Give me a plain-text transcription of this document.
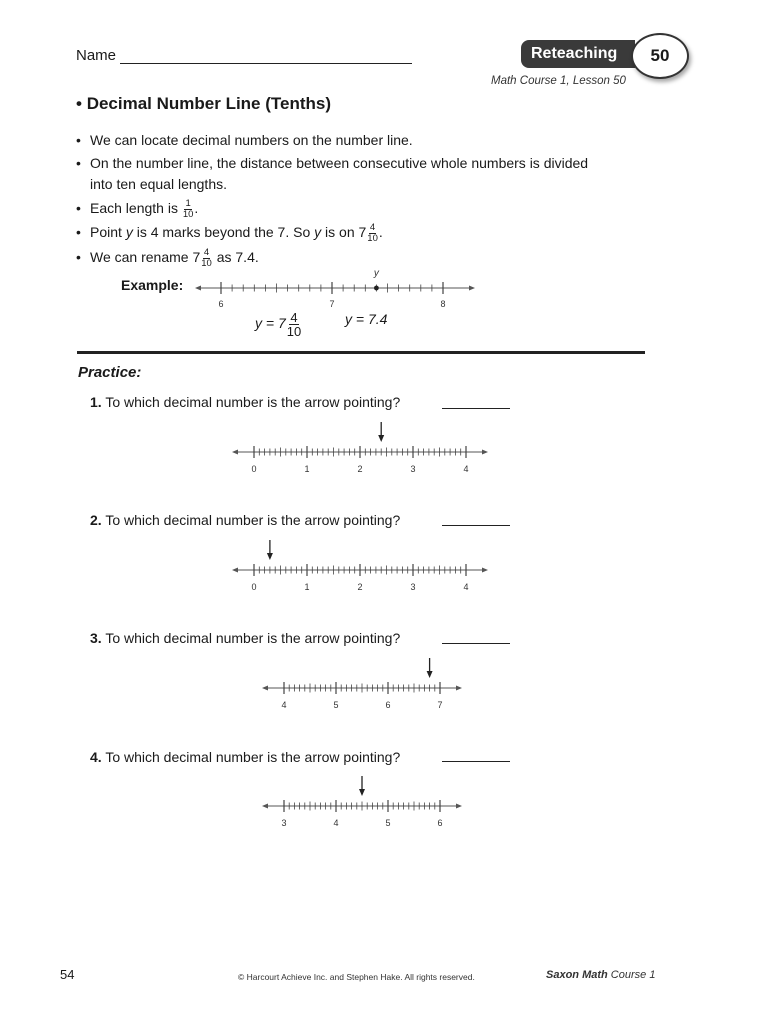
Name	Reteaching	50
Math Course 1, Lesson 50
• Decimal Number Line (Tenths)
• We can locate decimal numbers on the number line.
• On the number line, the distance between consecutive whole numbers is divided
into ten equal lengths.
• Each length is $\frac{1}{10}$ .
• Point y is 4 marks beyond the 7. So y is on $7 \frac{4}{10}$ .
• We can rename $7 \frac{4}{10}$ as 7.4.
Example:
6	7	8
y
$y = 7 \frac{4}{10}$	y = 7.4
Practice:
1. To which decimal number is the arrow pointing?
0	1	2	3	4
2. To which decimal number is the arrow pointing?
0	1	2	3	4
3. To which decimal number is the arrow pointing?
4	5	6	7
4. To which decimal number is the arrow pointing?
3	4	5	6
54	© Harcourt Achieve Inc. and Stephen Hake. All rights reserved.	Saxon Math Course 1
